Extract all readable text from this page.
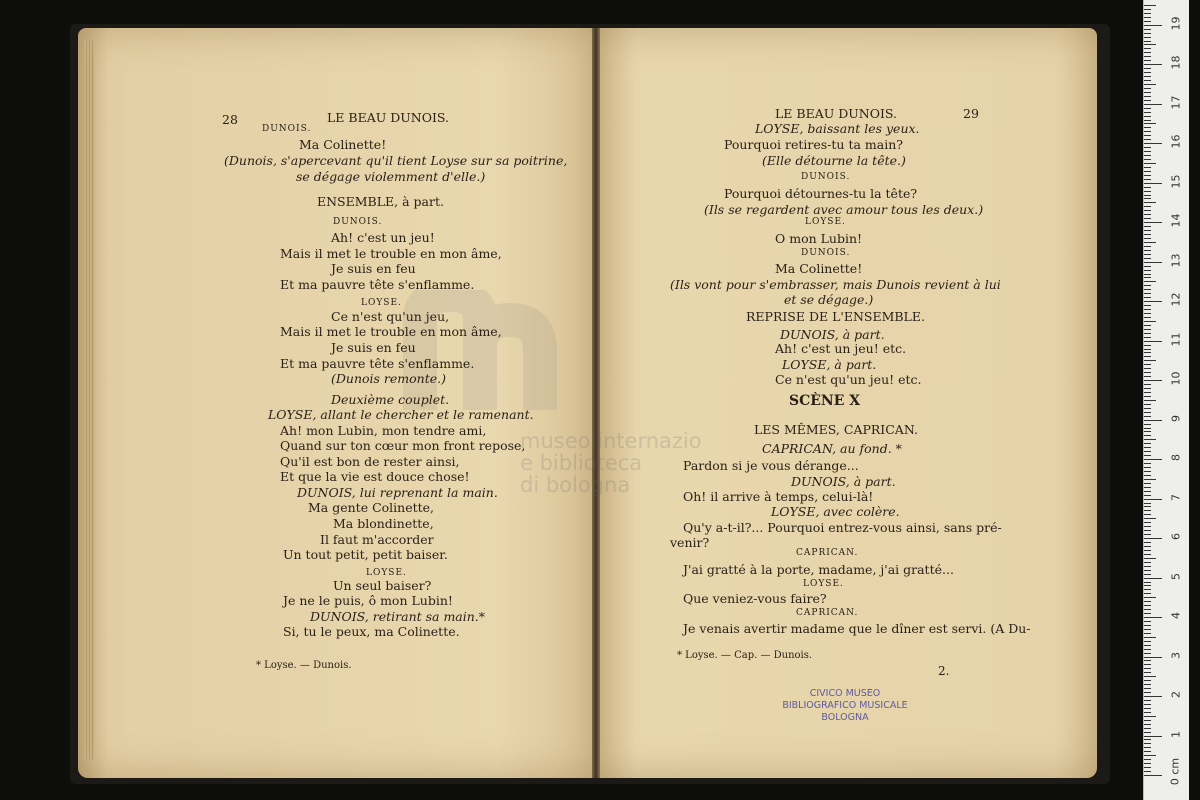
museo internazio
e biblioteca
di bologna
28	LE BEAU DUNOIS.
DUNOIS.
Ma Colinette!
(Dunois, s'apercevant qu'il tient Loyse sur sa poitrine,
se dégage violemment d'elle.)
ENSEMBLE, à part.
DUNOIS.
Ah! c'est un jeu!
Mais il met le trouble en mon âme,
Je suis en feu
Et ma pauvre tête s'enflamme.
LOYSE.
Ce n'est qu'un jeu,
Mais il met le trouble en mon âme,
Je suis en feu
Et ma pauvre tête s'enflamme.
(Dunois remonte.)
Deuxième couplet.
LOYSE, allant le chercher et le ramenant.
Ah! mon Lubin, mon tendre ami,
Quand sur ton cœur mon front repose,
Qu'il est bon de rester ainsi,
Et que la vie est douce chose!
DUNOIS, lui reprenant la main.
Ma gente Colinette,
Ma blondinette,
Il faut m'accorder
Un tout petit, petit baiser.
LOYSE.
Un seul baiser?
Je ne le puis, ô mon Lubin!
DUNOIS, retirant sa main.*
Si, tu le peux, ma Colinette.
* Loyse. — Dunois.
LE BEAU DUNOIS.	29
LOYSE, baissant les yeux.
Pourquoi retires-tu ta main?
(Elle détourne la tête.)
DUNOIS.
Pourquoi détournes-tu la tête?
(Ils se regardent avec amour tous les deux.)
LOYSE.
O mon Lubin!
DUNOIS.
Ma Colinette!
(Ils vont pour s'embrasser, mais Dunois revient à lui
et se dégage.)
REPRISE DE L'ENSEMBLE.
DUNOIS, à part.
Ah! c'est un jeu! etc.
LOYSE, à part.
Ce n'est qu'un jeu! etc.
SCÈNE X
LES MÊMES, CAPRICAN.
CAPRICAN, au fond. *
Pardon si je vous dérange...
DUNOIS, à part.
Oh! il arrive à temps, celui-là!
LOYSE, avec colère.
Qu'y a-t-il?... Pourquoi entrez-vous ainsi, sans pré-
venir?
CAPRICAN.
J'ai gratté à la porte, madame, j'ai gratté...
LOYSE.
Que veniez-vous faire?
CAPRICAN.
Je venais avertir madame que le dîner est servi. (A Du-
* Loyse. — Cap. — Dunois.
2.
CIVICO MUSEO
BIBLIOGRAFICO MUSICALE
BOLOGNA
19
18
17
16
15
14
13
12
11
10
9
8
7
6
5
4
3
2
1
0 cm
